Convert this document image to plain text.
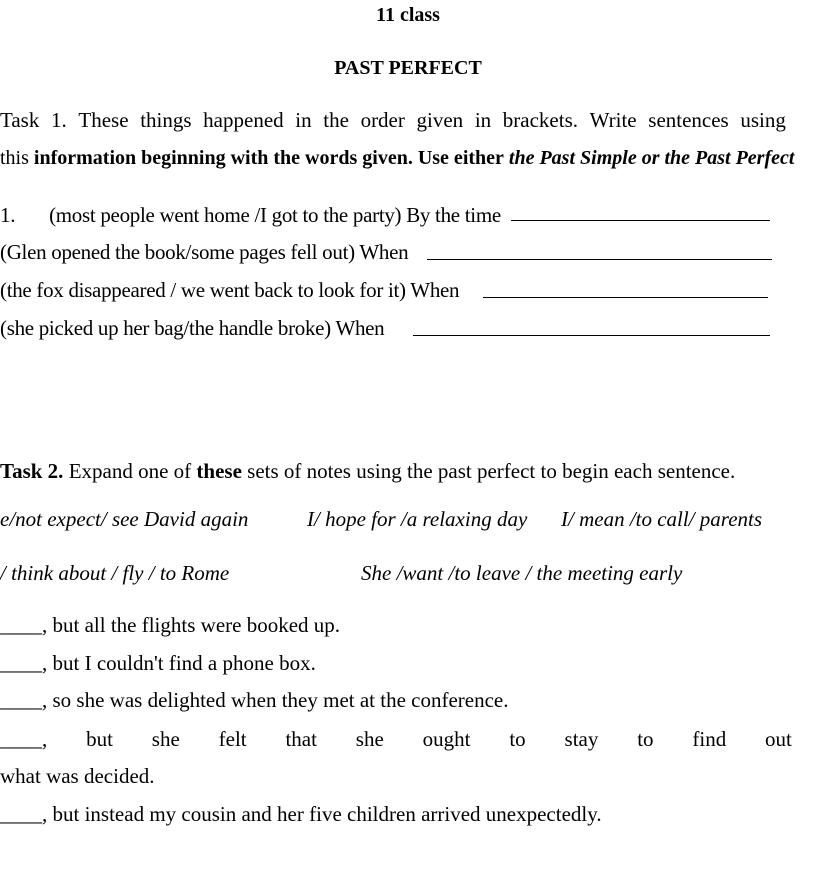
11 class
PAST PERFECT
Task 1. These things happened in the order given in brackets. Write sentences using
this information beginning with the words given. Use either the Past Simple or the Past Perfect
1. (most people went home /I got to the party) By the time
(Glen opened the book/some pages fell out) When
(the fox disappeared / we went back to look for it) When
(she picked up her bag/the handle broke) When
Task 2. Expand one of these sets of notes using the past perfect to begin each sentence.
e/not expect/ see David again	I/ hope for /a relaxing day I/ mean /to call/ parents
/ think about / fly / to Rome	She /want /to leave / the meeting early
____, but all the flights were booked up.
____, but I couldn't find a phone box.
____, so she was delighted when they met at the conference.
____, but she felt that she ought to stay to find out
what was decided.
____, but instead my cousin and her five children arrived unexpectedly.
